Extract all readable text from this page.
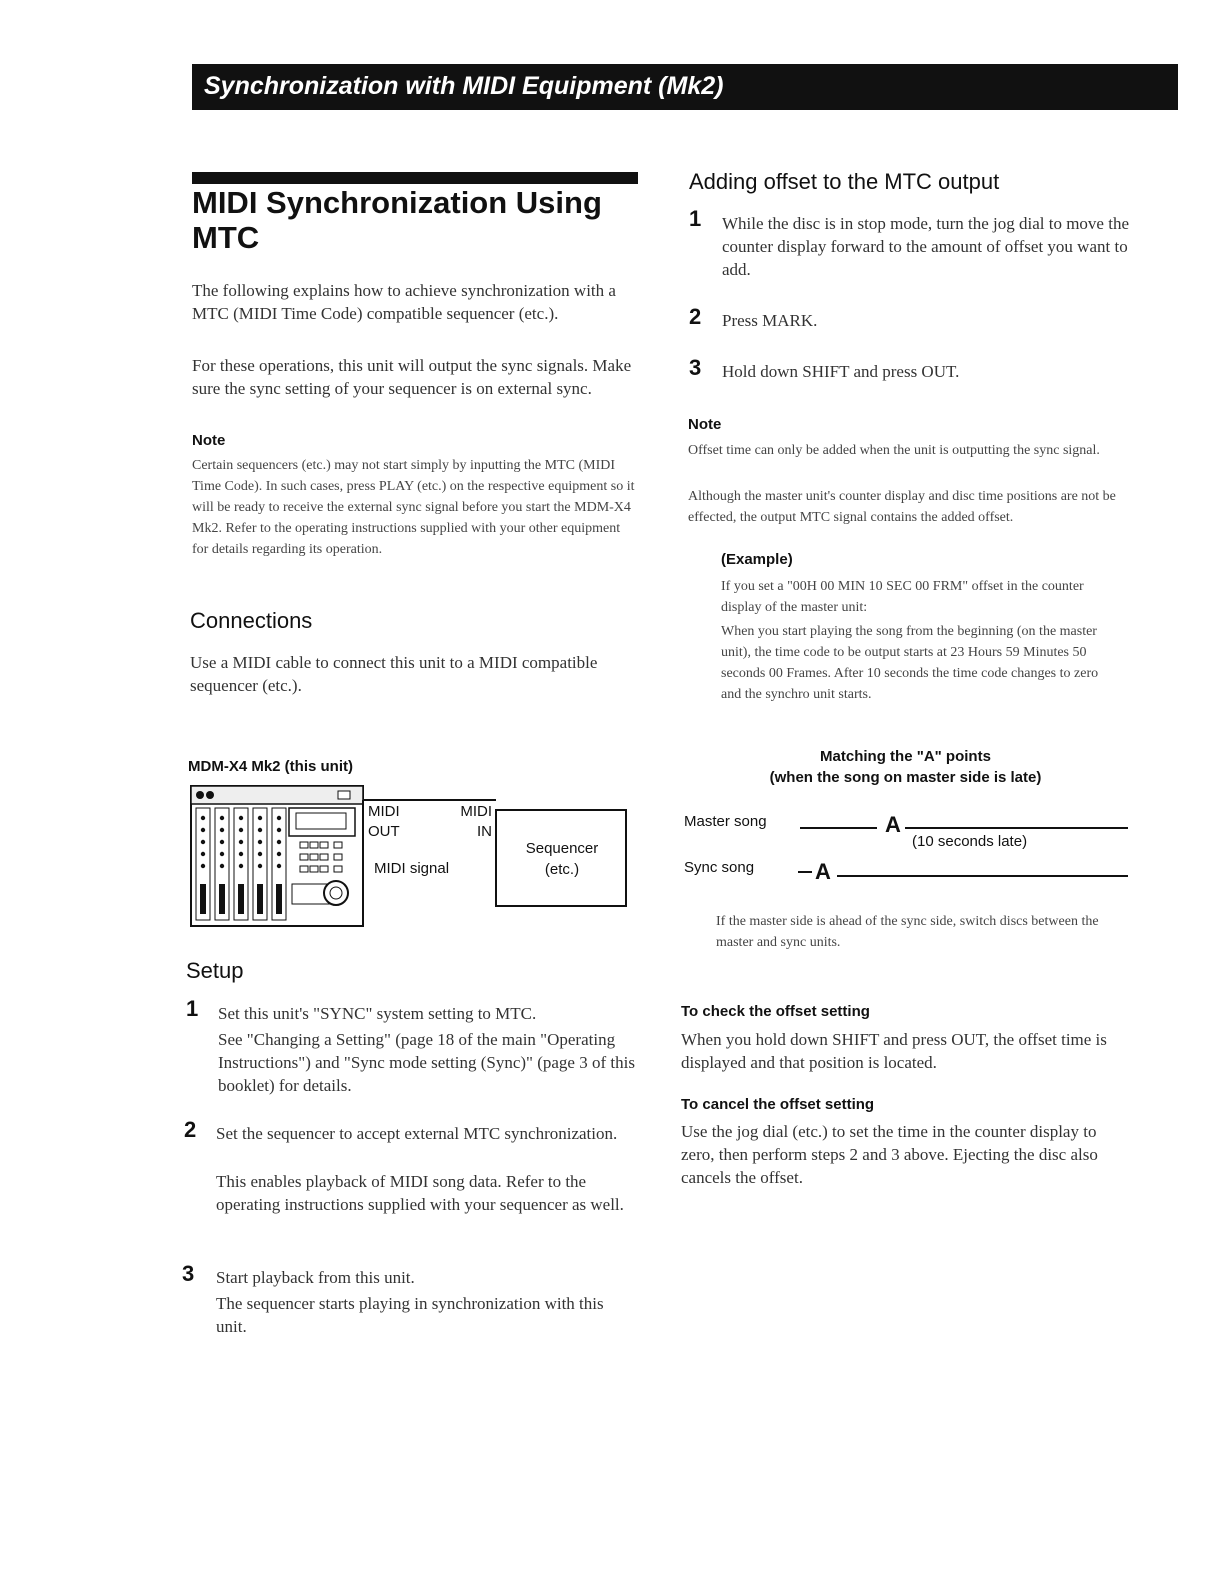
Synchronization with MIDI Equipment (Mk2)
MIDI Synchronization Using MTC

The following explains how to achieve synchronization with a MTC (MIDI Time Code) compatible sequencer (etc.).

For these operations, this unit will output the sync signals. Make sure the sync setting of your sequencer is on external sync.

Note

Certain sequencers (etc.) may not start simply by inputting the MTC (MIDI Time Code). In such cases, press PLAY (etc.) on the respective equipment so it will be ready to receive the external sync signal before you start the MDM-X4 Mk2. Refer to the operating instructions supplied with your other equipment for details regarding its operation.

Connections

Use a MIDI cable to connect this unit to a MIDI compatible sequencer (etc.).

MDM-X4 Mk2 (this unit)
MIDI
OUT
MIDI
IN
MIDI signal
Sequencer
(etc.)
Setup
1 Set this unit's "SYNC" system setting to MTC.

See "Changing a Setting" (page 18 of the main "Operating Instructions") and "Sync mode setting (Sync)" (page 3 of this booklet) for details.

2 Set the sequencer to accept external MTC synchronization.

This enables playback of MIDI song data. Refer to the operating instructions supplied with your sequencer as well.

3 Start playback from this unit.

The sequencer starts playing in synchronization with this unit.

Adding offset to the MTC output
1 While the disc is in stop mode, turn the jog dial to move the counter display forward to the amount of offset you want to add.

2 Press MARK.

3 Hold down SHIFT and press OUT.

Note

Offset time can only be added when the unit is outputting the sync signal.

Although the master unit's counter display and disc time positions are not be effected, the output MTC signal contains the added offset.

(Example)

If you set a "00H 00 MIN 10 SEC 00 FRM" offset in the counter display of the master unit:

When you start playing the song from the beginning (on the master unit), the time code to be output starts at 23 Hours 59 Minutes 50 seconds 00 Frames. After 10 seconds the time code changes to zero and the synchro unit starts.

Matching the "A" points
(when the song on master side is late)
Master song
Sync song
A
A
(10 seconds late)

If the master side is ahead of the sync side, switch discs between the master and sync units.

To check the offset setting

When you hold down SHIFT and press OUT, the offset time is displayed and that position is located.

To cancel the offset setting

Use the jog dial (etc.) to set the time in the counter display to zero, then perform steps 2 and 3 above. Ejecting the disc also cancels the offset.
